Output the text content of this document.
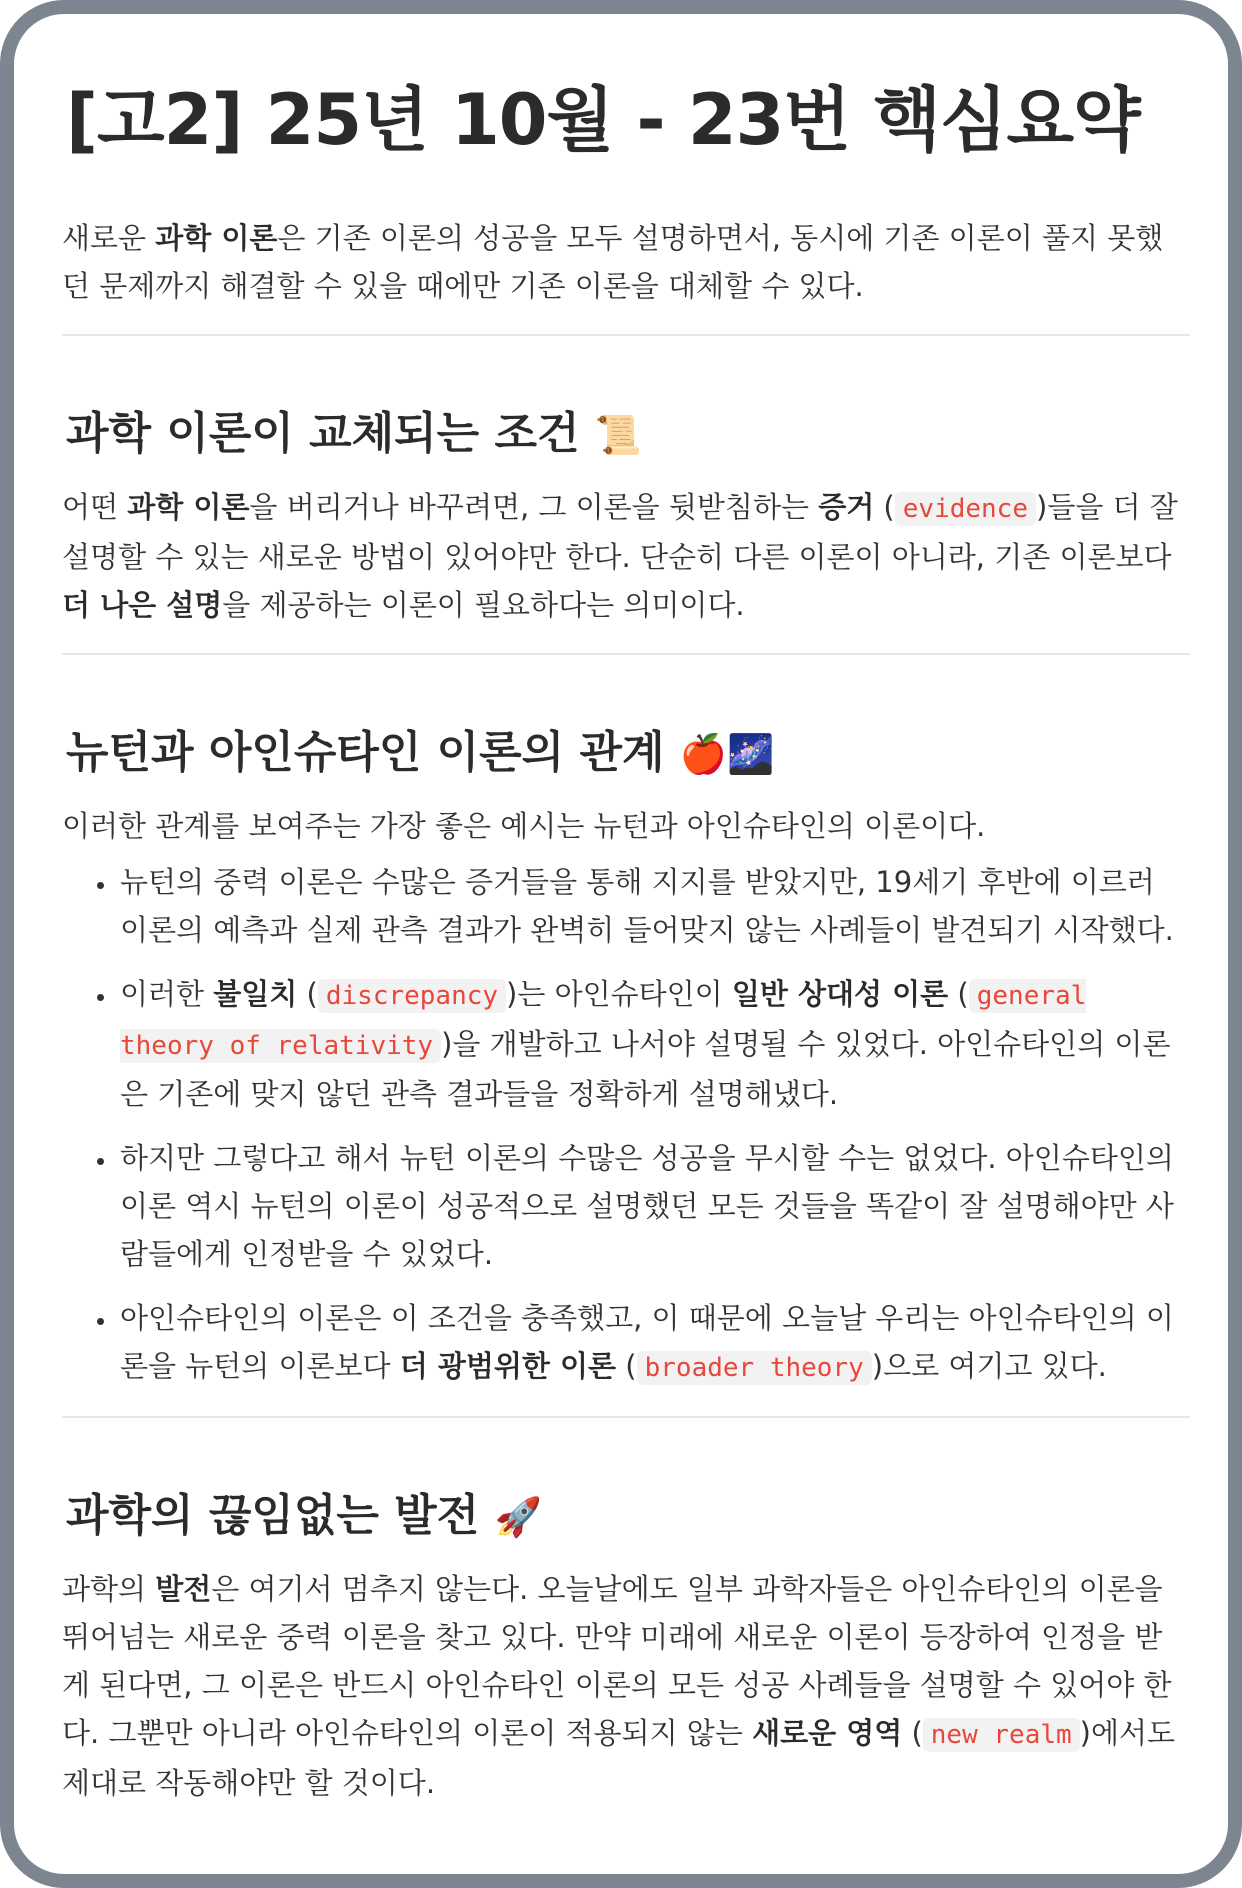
[고2] 25년 10월 - 23번 핵심요약

새로운 과학 이론은 기존 이론의 성공을 모두 설명하면서, 동시에 기존 이론이 풀지 못했던 문제까지 해결할 수 있을 때에만 기존 이론을 대체할 수 있다.

과학 이론이 교체되는 조건 📜

어떤 과학 이론을 버리거나 바꾸려면, 그 이론을 뒷받침하는 증거 ( evidence )들을 더 잘 설명할 수 있는 새로운 방법이 있어야만 한다. 단순히 다른 이론이 아니라, 기존 이론보다 더 나은 설명을 제공하는 이론이 필요하다는 의미이다.

뉴턴과 아인슈타인 이론의 관계 🍎🌌

이러한 관계를 보여주는 가장 좋은 예시는 뉴턴과 아인슈타인의 이론이다.

• 뉴턴의 중력 이론은 수많은 증거들을 통해 지지를 받았지만, 19세기 후반에 이르러 이론의 예측과 실제 관측 결과가 완벽히 들어맞지 않는 사례들이 발견되기 시작했다.
• 이러한 불일치 ( discrepancy )는 아인슈타인이 일반 상대성 이론 ( general theory of relativity )을 개발하고 나서야 설명될 수 있었다. 아인슈타인의 이론은 기존에 맞지 않던 관측 결과들을 정확하게 설명해냈다.
• 하지만 그렇다고 해서 뉴턴 이론의 수많은 성공을 무시할 수는 없었다. 아인슈타인의 이론 역시 뉴턴의 이론이 성공적으로 설명했던 모든 것들을 똑같이 잘 설명해야만 사람들에게 인정받을 수 있었다.
• 아인슈타인의 이론은 이 조건을 충족했고, 이 때문에 오늘날 우리는 아인슈타인의 이론을 뉴턴의 이론보다 더 광범위한 이론 ( broader theory )으로 여기고 있다.
과학의 끊임없는 발전 🚀

과학의 발전은 여기서 멈추지 않는다. 오늘날에도 일부 과학자들은 아인슈타인의 이론을 뛰어넘는 새로운 중력 이론을 찾고 있다. 만약 미래에 새로운 이론이 등장하여 인정을 받게 된다면, 그 이론은 반드시 아인슈타인 이론의 모든 성공 사례들을 설명할 수 있어야 한다. 그뿐만 아니라 아인슈타인의 이론이 적용되지 않는 새로운 영역 ( new realm )에서도 제대로 작동해야만 할 것이다.
